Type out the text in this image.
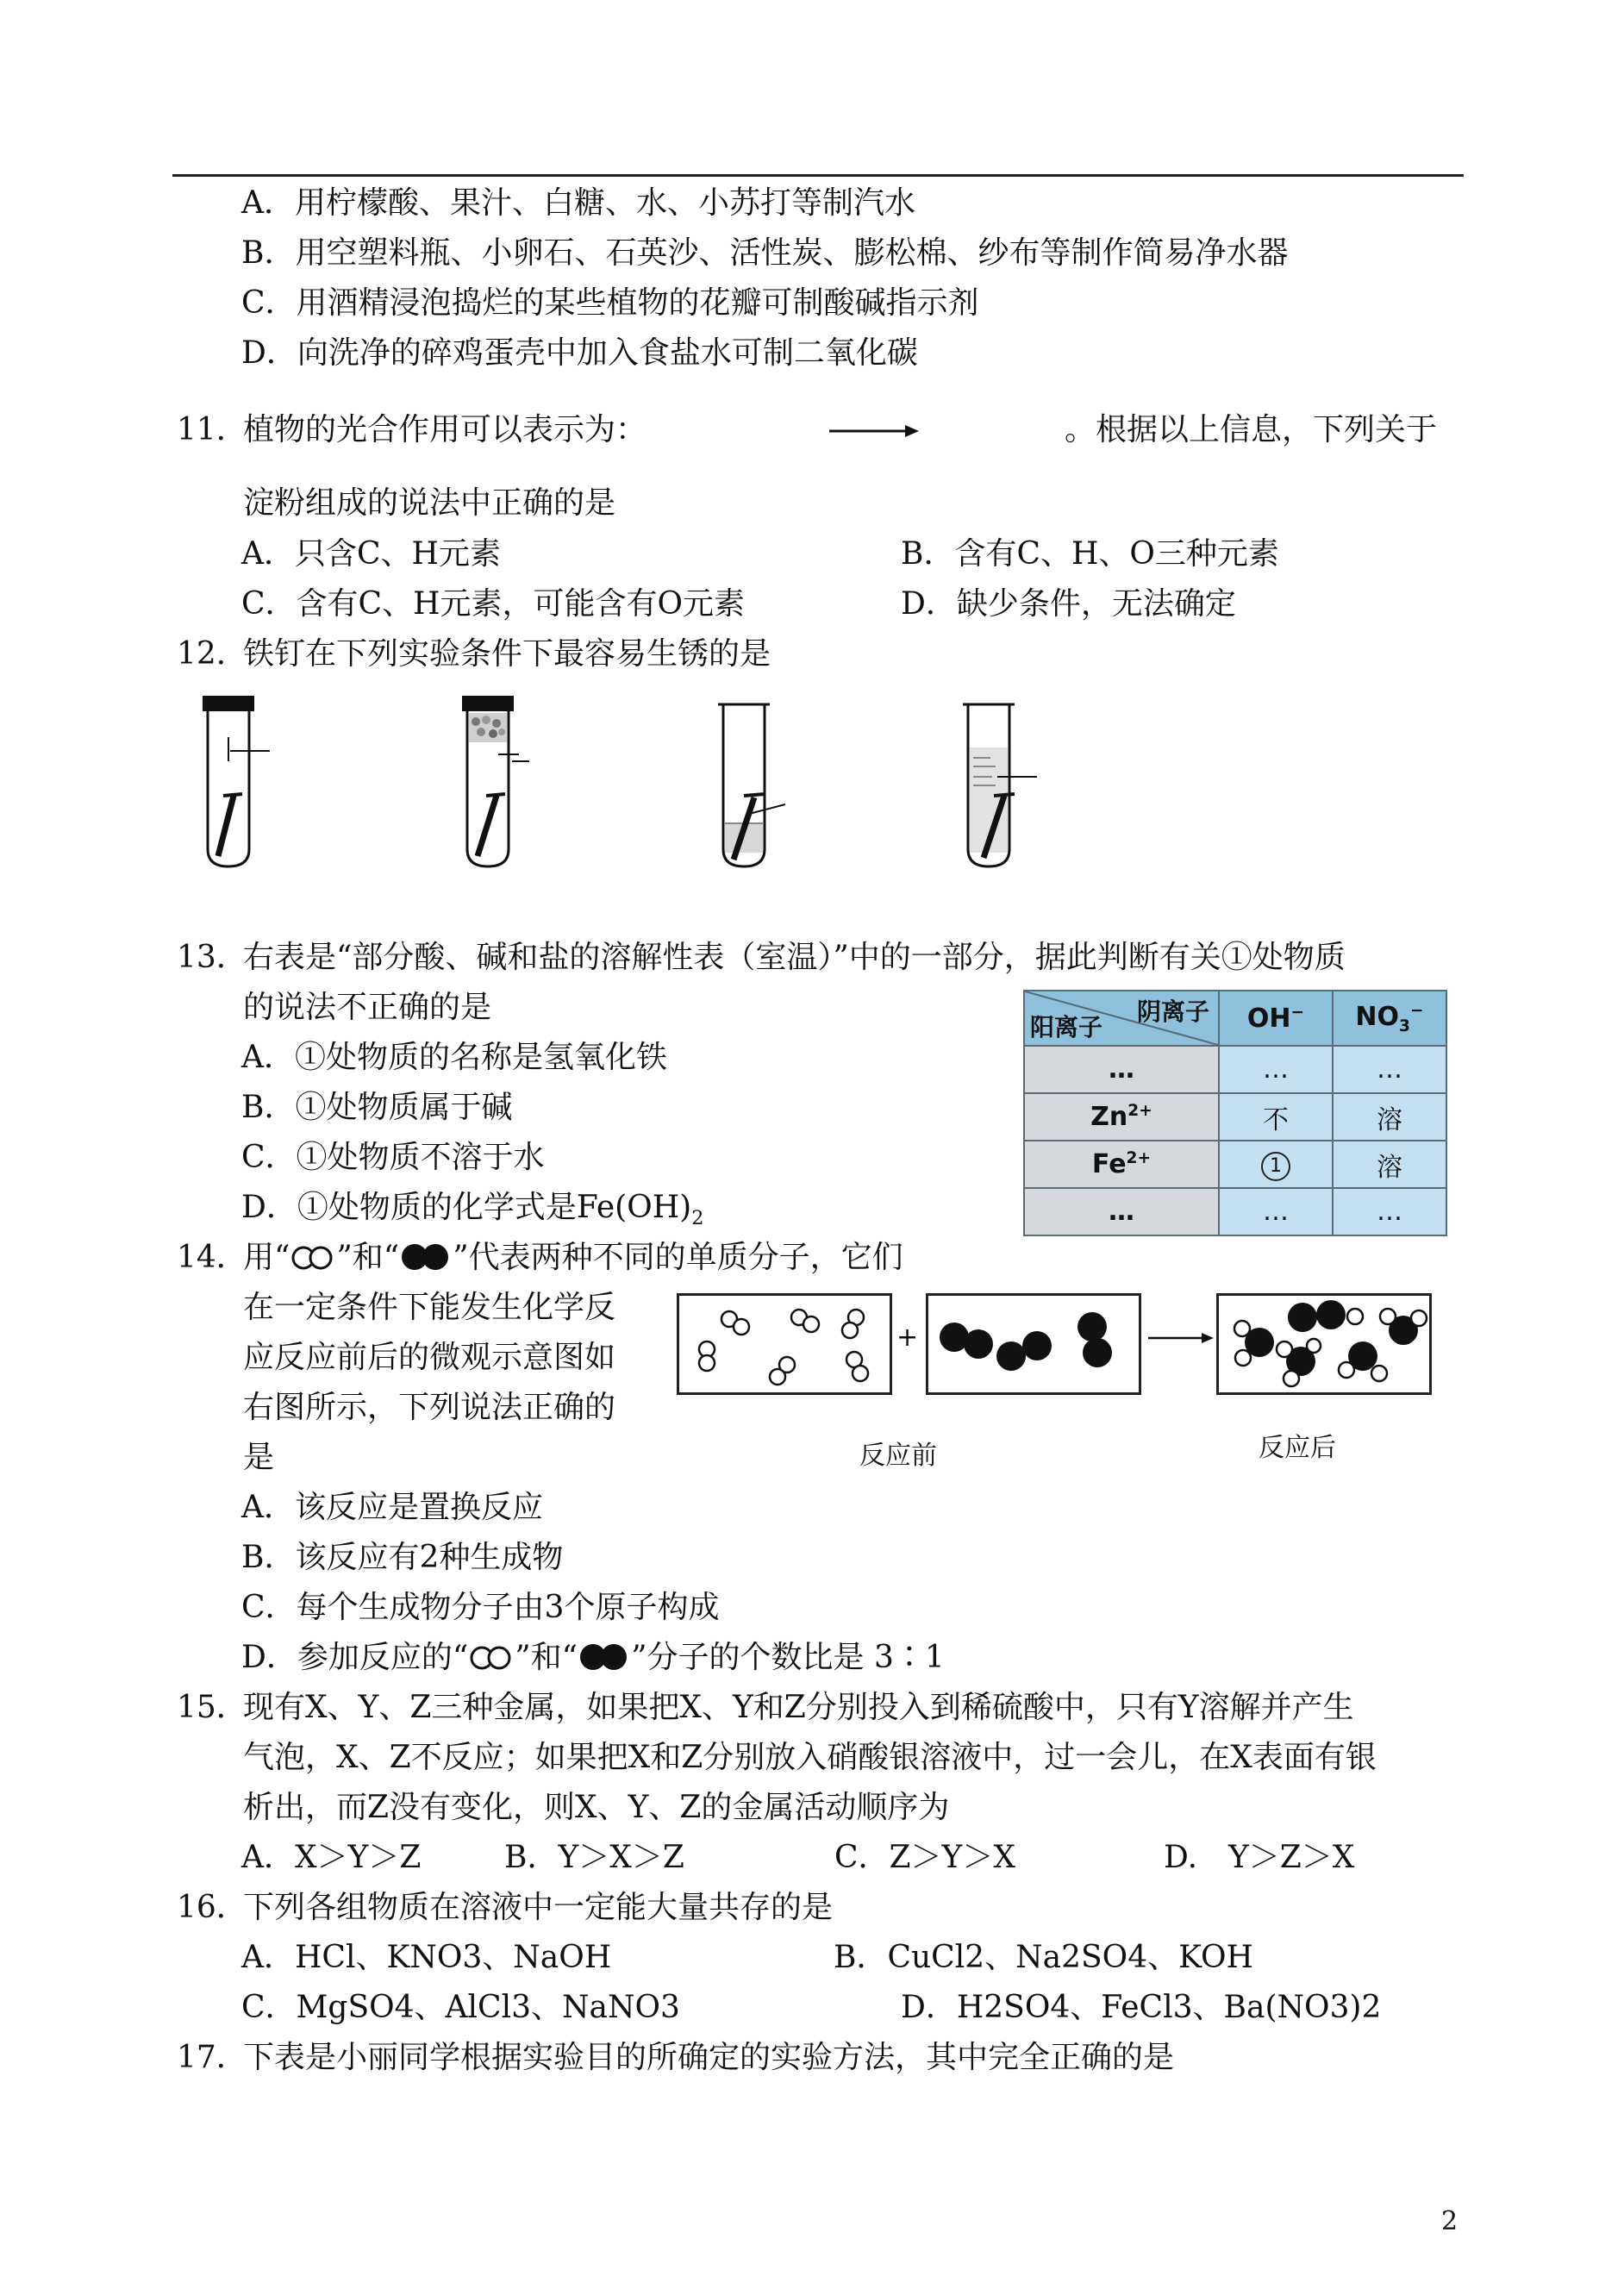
A．用柠檬酸、果汁、白糖、水、小苏打等制汽水
B．用空塑料瓶、小卵石、石英沙、活性炭、膨松棉、纱布等制作简易净水器
C．用酒精浸泡捣烂的某些植物的花瓣可制酸碱指示剂
D．向洗净的碎鸡蛋壳中加入食盐水可制二氧化碳
11．
植物的光合作用可以表示为：	。根据以上信息，下列关于
淀粉组成的说法中正确的是
A．只含C、H元素	B．含有C、H、O三种元素
C．含有C、H元素，可能含有O元素	D．缺少条件，无法确定
12．
铁钉在下列实验条件下最容易生锈的是
13．
右表是“部分酸、碱和盐的溶解性表（室温）”中的一部分，据此判断有关①处物质
的说法不正确的是
A．①处物质的名称是氢氧化铁
B．①处物质属于碱
C．①处物质不溶于水
D．①处物质的化学式是$Fe(OH)_2$
阴离子
阳离子	OH−	$NO_3^-$
…	…	…
$Zn^{2+}$	不	溶
$Fe^{2+}$	1	溶
…	…	…
14．
用“ ”和“ ”代表两种不同的单质分子，它们
在一定条件下能发生化学反
应反应前后的微观示意图如
右图所示，下列说法正确的
是
+
反应前	反应后
A．该反应是置换反应
B．该反应有2种生成物
C．每个生成物分子由3个原子构成
D．参加反应的“ ”和“ ”分子的个数比是 3∶1
15．
现有X、Y、Z三种金属，如果把X、Y和Z分别投入到稀硫酸中，只有Y溶解并产生
气泡，X、Z不反应；如果把X和Z分别放入硝酸银溶液中，过一会儿，在X表面有银
析出，而Z没有变化，则X、Y、Z的金属活动顺序为
A．X＞Y＞Z	B．Y＞X＞Z	C．Z＞Y＞X	D.　Y＞Z＞X
16．
下列各组物质在溶液中一定能大量共存的是
A．HCl、KNO3、NaOH	B．CuCl2、Na2SO4、KOH
C．MgSO4、AlCl3、NaNO3	D．H2SO4、FeCl3、Ba(NO3)2
17．
下表是小丽同学根据实验目的所确定的实验方法，其中完全正确的是
2
